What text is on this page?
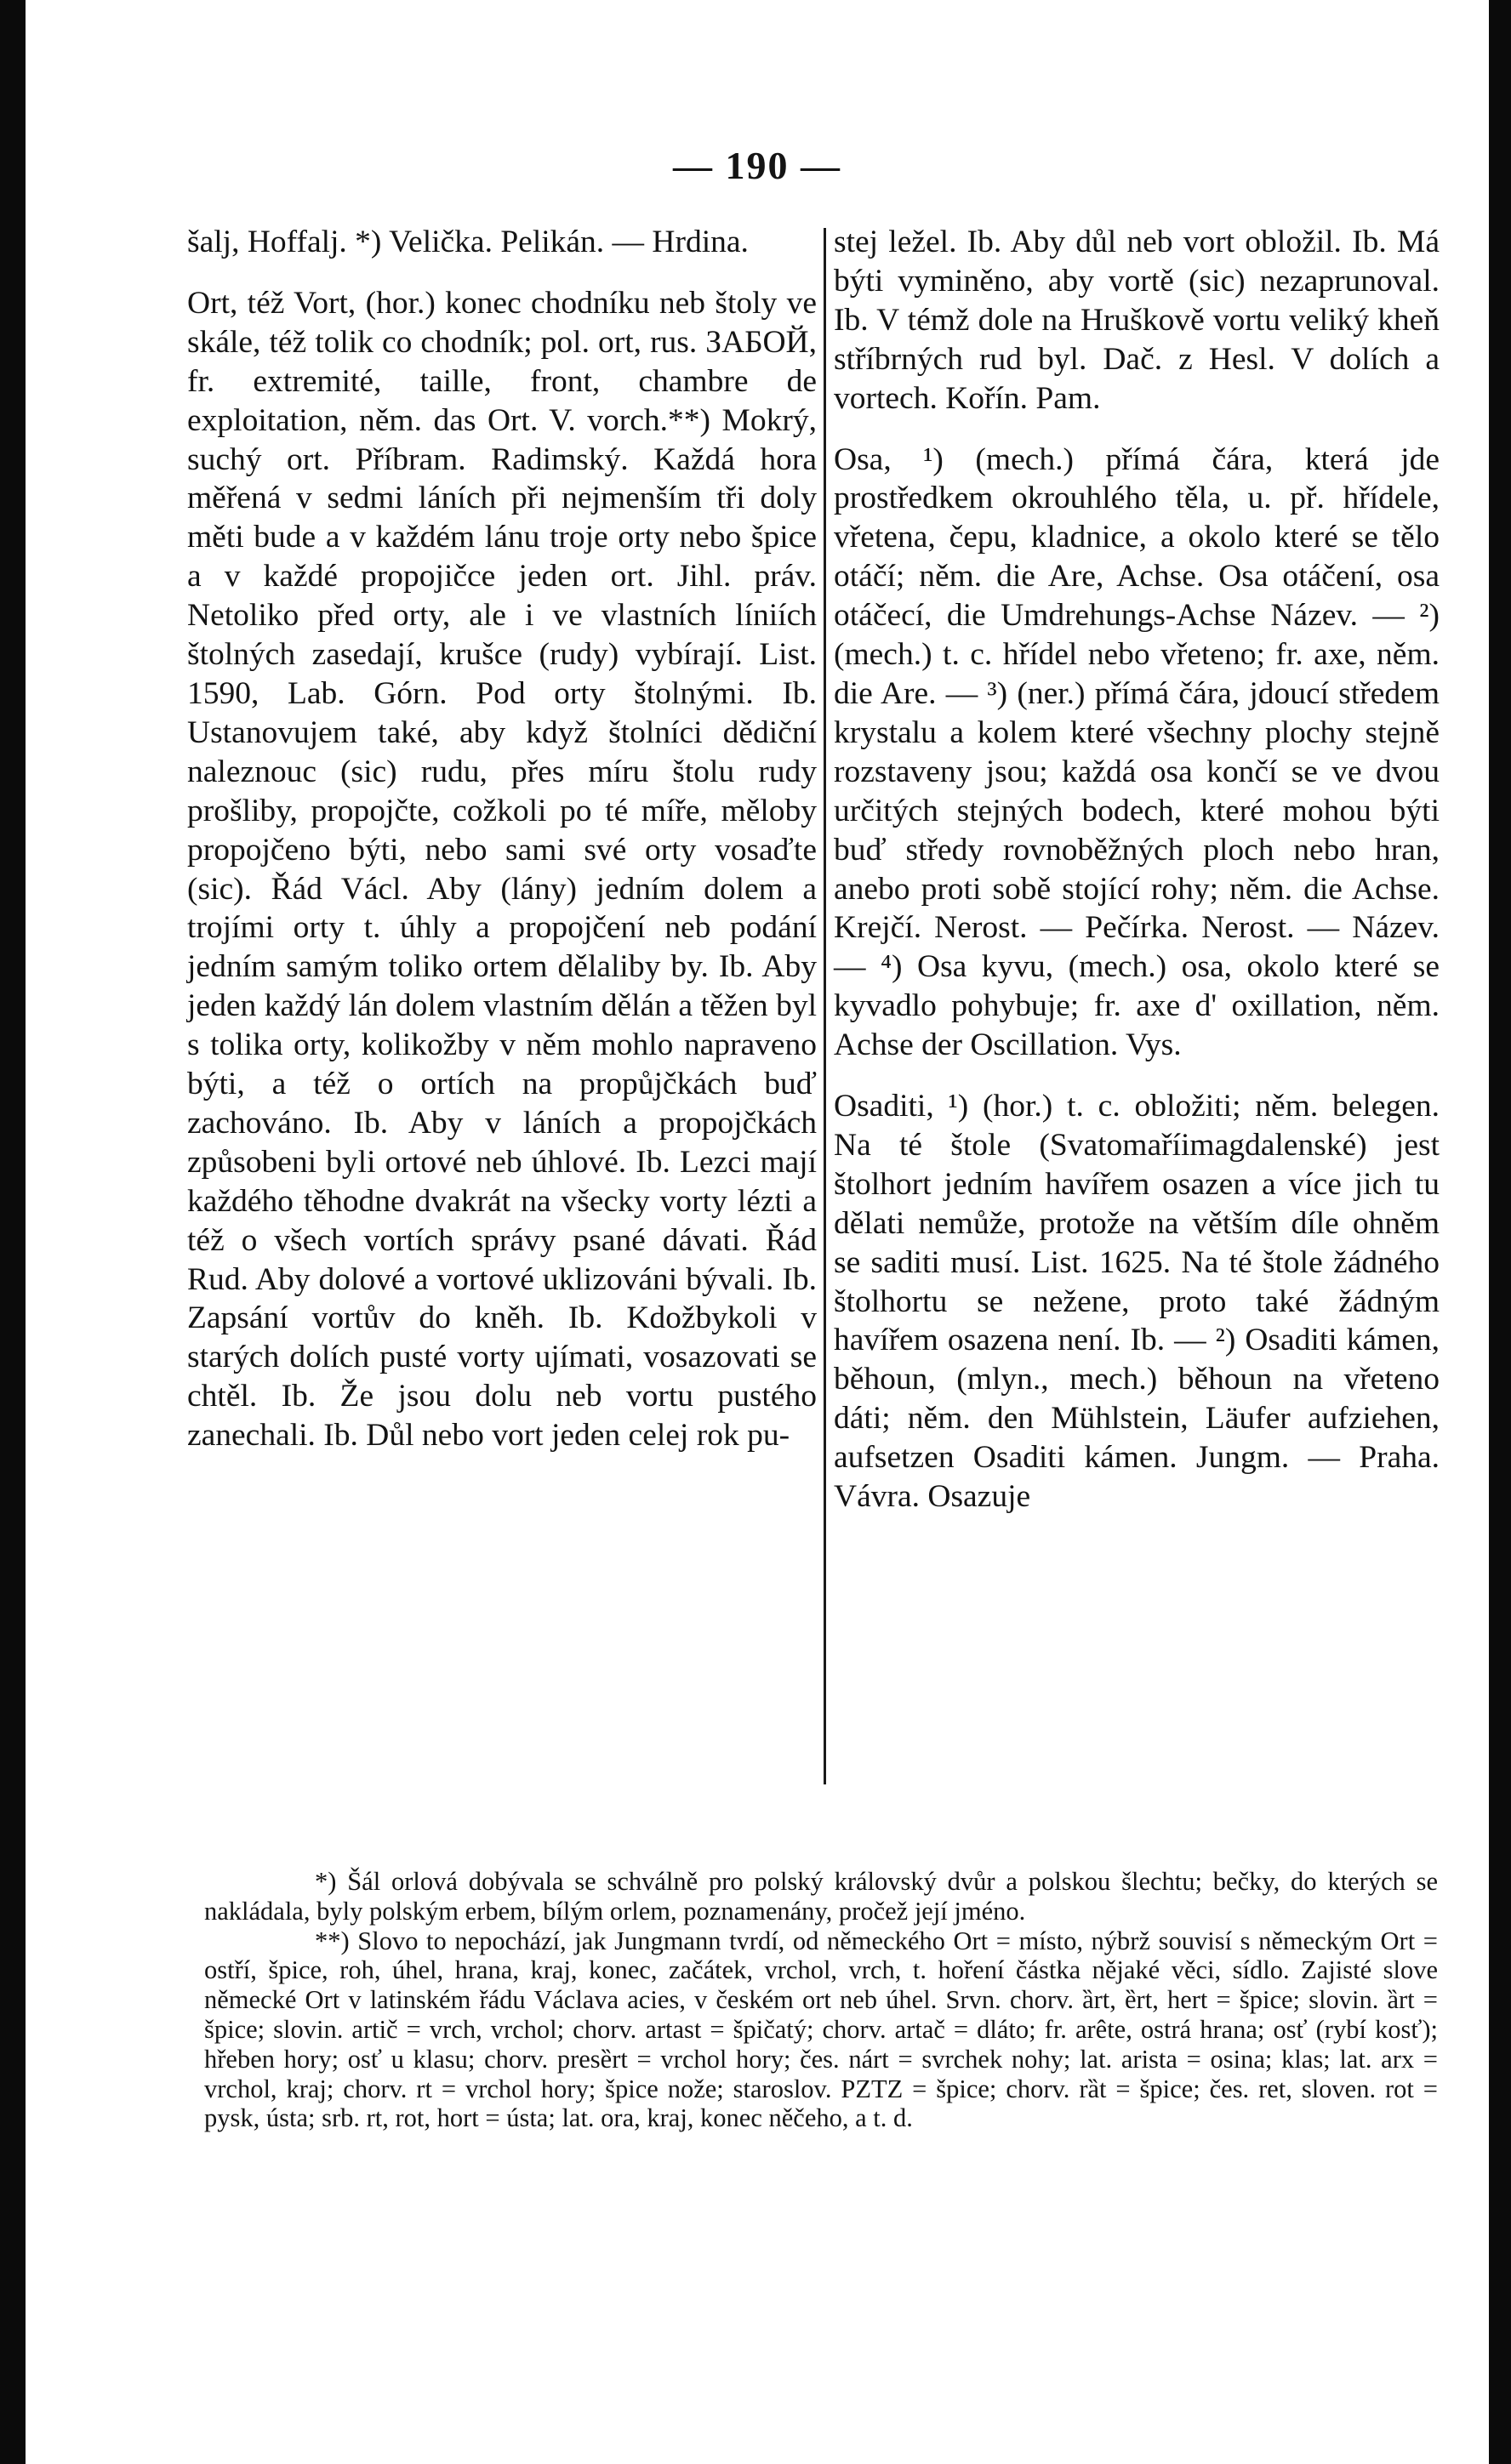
— 190 —

šalj, Hoffalj. *) Velička. Pelikán. — Hrdina.

Ort, též Vort, (hor.) konec chodníku neb štoly ve skále, též tolik co chodník; pol. ort, rus. ЗАБОЙ, fr. extremité, taille, front, chambre de exploitation, něm. das Ort. V. vorch.**) Mokrý, suchý ort. Příbram. Radimský. Každá hora měřená v sedmi láních při nejmenším tři doly měti bude a v každém lánu troje orty nebo špice a v každé propojičce jeden ort. Jihl. práv. Netoliko před orty, ale i ve vlastních líniích štolných zasedají, krušce (rudy) vybírají. List. 1590, Lab. Górn. Pod orty štolnými. Ib. Ustanovujem také, aby když štolníci dědiční naleznouc (sic) rudu, přes míru štolu rudy prošliby, propojčte, cožkoli po té míře, měloby propojčeno býti, nebo sami své orty vosaďte (sic). Řád Václ. Aby (lány) jedním dolem a trojími orty t. úhly a propojčení neb podání jedním samým toliko ortem dělaliby by. Ib. Aby jeden každý lán dolem vlastním dělán a těžen byl s tolika orty, kolikožby v něm mohlo napraveno býti, a též o ortích na propůjčkách buď zachováno. Ib. Aby v láních a propojčkách způsobeni byli ortové neb úhlové. Ib. Lezci mají každého těhodne dvakrát na všecky vorty lézti a též o všech vortích správy psané dávati. Řád Rud. Aby dolové a vortové uklizováni bývali. Ib. Zapsání vortův do kněh. Ib. Kdožbykoli v starých dolích pusté vorty ujímati, vosazovati se chtěl. Ib. Že jsou dolu neb vortu pustého zanechali. Ib. Důl nebo vort jeden celej rok pu-

stej ležel. Ib. Aby důl neb vort obložil. Ib. Má býti vyminěno, aby vortě (sic) nezaprunoval. Ib. V témž dole na Hruškově vortu veliký kheň stříbrných rud byl. Dač. z Hesl. V dolích a vortech. Kořín. Pam.

Osa, ¹) (mech.) přímá čára, která jde prostředkem okrouhlého těla, u. př. hřídele, vřetena, čepu, kladnice, a okolo které se tělo otáčí; něm. die Are, Achse. Osa otáčení, osa otáčecí, die Umdrehungs-Achse Název. — ²) (mech.) t. c. hřídel nebo vřeteno; fr. axe, něm. die Are. — ³) (ner.) přímá čára, jdoucí středem krystalu a kolem které všechny plochy stejně rozstaveny jsou; každá osa končí se ve dvou určitých stejných bodech, které mohou býti buď středy rovnoběžných ploch nebo hran, anebo proti sobě stojící rohy; něm. die Achse. Krejčí. Nerost. — Pečírka. Nerost. — Název. — ⁴) Osa kyvu, (mech.) osa, okolo které se kyvadlo pohybuje; fr. axe d' oxillation, něm. Achse der Oscillation. Vys.

Osaditi, ¹) (hor.) t. c. obložiti; něm. belegen. Na té štole (Svatomaříimagdalenské) jest štolhort jedním havířem osazen a více jich tu dělati nemůže, protože na větším díle ohněm se saditi musí. List. 1625. Na té štole žádného štolhortu se nežene, proto také žádným havířem osazena není. Ib. — ²) Osaditi kámen, běhoun, (mlyn., mech.) běhoun na vřeteno dáti; něm. den Mühlstein, Läufer aufziehen, aufsetzen Osaditi kámen. Jungm. — Praha. Vávra. Osazuje

*) Šál orlová dobývala se schválně pro polský královský dvůr a polskou šlechtu; bečky, do kterých se nakládala, byly polským erbem, bílým orlem, poznamenány, pročež její jméno.

**) Slovo to nepochází, jak Jungmann tvrdí, od německého Ort = místo, nýbrž souvisí s německým Ort = ostří, špice, roh, úhel, hrana, kraj, konec, začátek, vrchol, vrch, t. hoření částka nějaké věci, sídlo. Zajisté slove německé Ort v latinském řádu Václava acies, v českém ort neb úhel. Srvn. chorv. ȁrt, ȅrt, hert = špice; slovin. ȁrt = špice; slovin. artič = vrch, vrchol; chorv. artast = špičatý; chorv. artač = dláto; fr. arête, ostrá hrana; osť (rybí kosť); hřeben hory; osť u klasu; chorv. presȅrt = vrchol hory; čes. nárt = svrchek nohy; lat. arista = osina; klas; lat. arx = vrchol, kraj; chorv. rt = vrchol hory; špice nože; staroslov. PZTZ = špice; chorv. rȁt = špice; čes. ret, sloven. rot = pysk, ústa; srb. rt, rot, hort = ústa; lat. ora, kraj, konec něčeho, a t. d.
